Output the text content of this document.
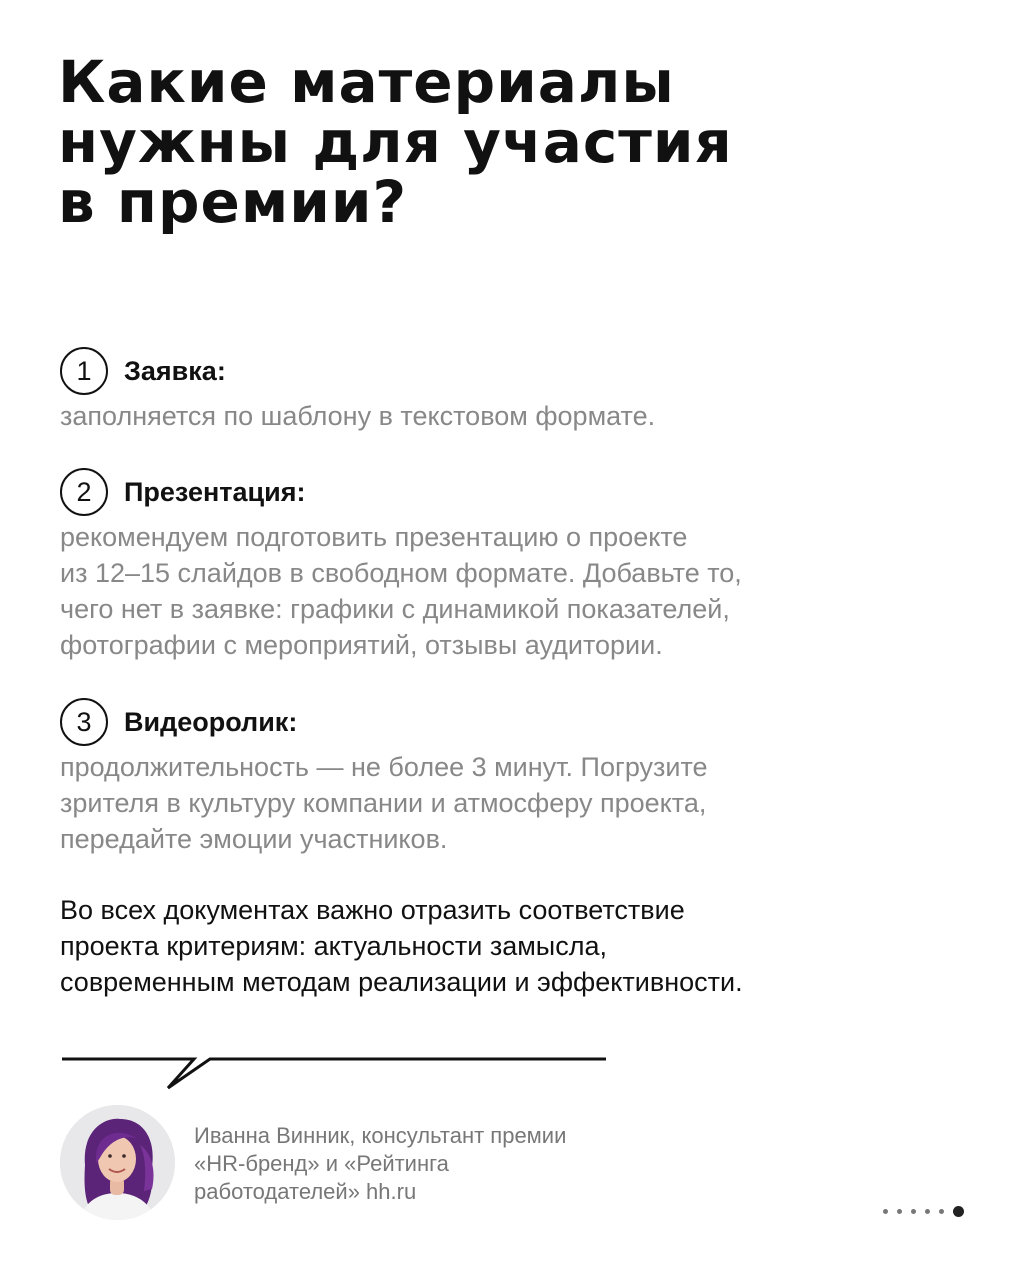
Какие материалы
нужны для участия
в премии?
1	Заявка:
заполняется по шаблону в текстовом формате.
2	Презентация:
рекомендуем подготовить презентацию о проекте
из 12–15 слайдов в свободном формате. Добавьте то,
чего нет в заявке: графики с динамикой показателей,
фотографии с мероприятий, отзывы аудитории.
3	Видеоролик:
продолжительность — не более 3 минут. Погрузите
зрителя в культуру компании и атмосферу проекта,
передайте эмоции участников.
Во всех документах важно отразить соответствие
проекта критериям: актуальности замысла,
современным методам реализации и эффективности.
Иванна Винник, консультант премии
«HR-бренд» и «Рейтинга
работодателей» hh.ru
